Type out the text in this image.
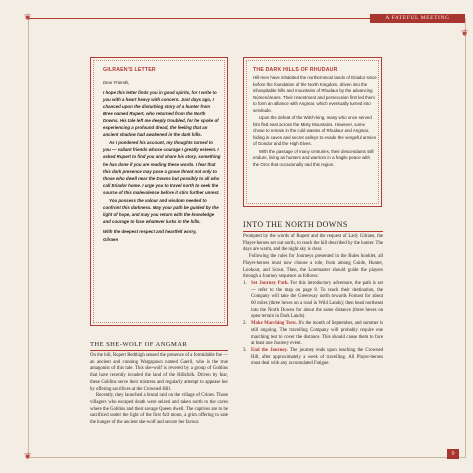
A FATEFUL MEETING
❦
❦
❦
GILRAEN'S LETTER

Dear Friends,

I hope this letter finds you in good spirits, for I write to you with a heart heavy with concern. Just days ago, I chanced upon the disturbing story of a hunter from Bree named Rupert, who returned from the North Downs. His tale left me deeply troubled, for he spoke of experiencing a profound dread, the feeling that an ancient shadow had awakened in the dark hills.

As I pondered his account, my thoughts turned to you — valiant friends whose courage I greatly esteem. I asked Rupert to find you and share his story, something he has done if you are reading these words. I fear that this dark presence may pose a grave threat not only to those who dwell near the Downs but possibly to all who call Eriador home. I urge you to travel north to seek the source of this malevolence before it stirs further unrest.

You possess the valour and wisdom needed to confront this darkness. May your path be guided by the light of hope, and may you return with the knowledge and courage to face whatever lurks in the hills.

With the deepest respect and heartfelt worry,

Gilraen

THE DARK HILLS OF RHUDAUR

Hill-men have inhabited the northernmost lands of Eriador since before the foundation of the North Kingdom, driven into the inhospitable hills and mountains of Rhudaur by the advancing Númenóreans. Their resentment and persecution first led them to form an alliance with Angmar, which eventually turned into servitude.

Upon the defeat of the Witch-king, many who once served him fled east across the Misty Mountains. However, some chose to remain in the cold wastes of Rhudaur and Angmar, hiding in caves and secret valleys to evade the vengeful armies of Gondor and the High Elves.

With the passage of many centuries, their descendants still endure, living as hunters and warriors in a fragile peace with the Orcs that occasionally raid this region.

INTO THE NORTH DOWNS

Prompted by the words of Rupert and the request of Lady Gilraen, the Player-heroes set out north, to reach the hill described by the hunter. The days are warm, and the night sky is clear.

Following the rules for Journeys presented in the Rules booklet, all Player-heroes must now choose a role, from among Guide, Hunter, Lookout, and Scout. Then, the Loremaster should guide the players through a Journey sequence as follows:

1. Set Journey Path. For this introductory adventure, the path is set — refer to the map on page 8. To reach their destination, the Company will take the Greenway north towards Fornost for about 60 miles (three hexes on a road in Wild Lands); then head northeast into the North Downs for about the same distance (three hexes on open terrain in Dark Lands).
2. Make Marching Tests. It's the month of September, and summer is still ongoing. The travelling Company will probably require one marching test to cover the distance. This should cause them to face at least one Journey event.
3. End the Journey. The journey ends upon reaching the Crowned Hill, after approximately a week of travelling. All Player-heroes must deal with any accumulated Fatigue.
THE SHE-WOLF OF ANGMAR

On the hill, Rupert Redthigh sensed the presence of a formidable foe — an ancient and cunning Wargspawn named Gaeril, who is the true antagonist of this tale. This she-wolf is revered by a group of Goblins that have recently invaded the land of the Hillsfolk. Driven by fear, these Goblins serve their mistress and regularly attempt to appease her by offering sacrifices at the Crowned Hill.

Recently, they launched a brutal raid on the village of Crines. Those villagers who escaped death were seized and taken north to the caves where the Goblins and their savage Queen dwell. The captives are to be sacrificed under the light of the first full moon, a grim offering to sate the hunger of the ancient she-wolf and secure her favour.

9
